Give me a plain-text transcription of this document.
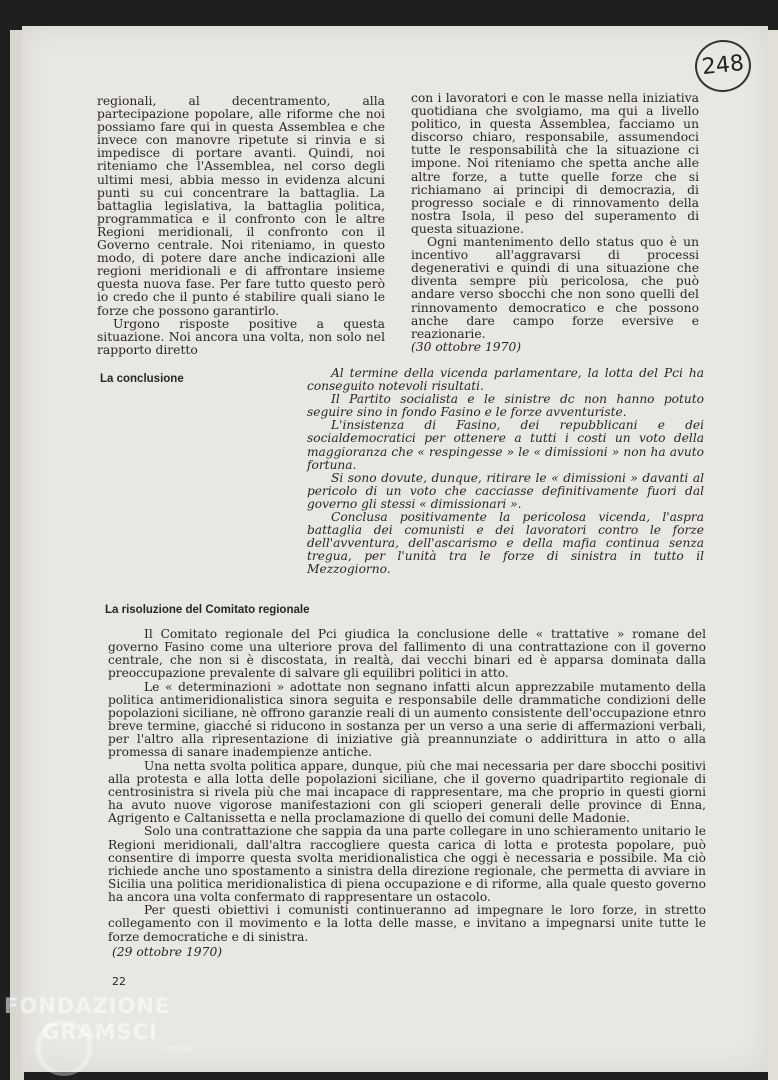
248

regionali, al decentramento, alla partecipazione popolare, alle riforme che noi possiamo fare qui in questa Assemblea e che invece con manovre ripetute si rinvia e si impedisce di portare avanti. Quindi, noi riteniamo che l'Assemblea, nel corso degli ultimi mesi, abbia messo in evidenza alcuni punti su cui concentrare la battaglia. La battaglia legislativa, la battaglia politica, programmatica e il confronto con le altre Regioni meridionali, il confronto con il Governo centrale. Noi riteniamo, in questo modo, di potere dare anche indicazioni alle regioni meridionali e di affrontare insieme questa nuova fase. Per fare tutto questo però io credo che il punto é stabilire quali siano le forze che possono garantirlo.

Urgono risposte positive a questa situazione. Noi ancora una volta, non solo nel rapporto diretto

con i lavoratori e con le masse nella iniziativa quotidiana che svolgiamo, ma qui a livello politico, in questa Assemblea, facciamo un discorso chiaro, responsabile, assumendoci tutte le responsabilità che la situazione ci impone. Noi riteniamo che spetta anche alle altre forze, a tutte quelle forze che si richiamano ai principi di democrazia, di progresso sociale e di rinnovamento della nostra Isola, il peso del superamento di questa situazione.

Ogni mantenimento dello status quo è un incentivo all'aggravarsi di processi degenerativi e quindi di una situazione che diventa sempre più pericolosa, che può andare verso sbocchi che non sono quelli del rinnovamento democratico e che possono anche dare campo forze eversive e reazionarie.

(30 ottobre 1970)

La conclusione	Al termine della vicenda parlamentare, la lotta del Pci ha conseguito notevoli risultati.

Il Partito socialista e le sinistre dc non hanno potuto seguire sino in fondo Fasino e le forze avventuriste.

L'insistenza di Fasino, dei repubblicani e dei socialdemocratici per ottenere a tutti i costi un voto della maggioranza che « respingesse » le « dimissioni » non ha avuto fortuna.

Si sono dovute, dunque, ritirare le « dimissioni » davanti al pericolo di un voto che cacciasse definitivamente fuori dal governo gli stessi « dimissionari ».

Conclusa positivamente la pericolosa vicenda, l'aspra battaglia dei comunisti e dei lavoratori contro le forze dell'avventura, dell'ascarismo e della mafia continua senza tregua, per l'unità tra le forze di sinistra in tutto il Mezzogiorno.

La risoluzione del Comitato regionale

Il Comitato regionale del Pci giudica la conclusione delle « trattative » romane del governo Fasino come una ulteriore prova del fallimento di una contrattazione con il governo centrale, che non si è discostata, in realtà, dai vecchi binari ed è apparsa dominata dalla preoccupazione prevalente di salvare gli equilibri politici in atto.

Le « determinazioni » adottate non segnano infatti alcun apprezzabile mutamento della politica antimeridionalistica sinora seguita e responsabile delle drammatiche condizioni delle popolazioni siciliane, nè offrono garanzie reali di un aumento consistente dell'occupazione etnro breve termine, giacché si riducono in sostanza per un verso a una serie di affermazioni verbali, per l'altro alla ripresentazione di iniziative già preannunziate o addirittura in atto o alla promessa di sanare inadempienze antiche.

Una netta svolta politica appare, dunque, più che mai necessaria per dare sbocchi positivi alla protesta e alla lotta delle popolazioni siciliane, che il governo quadripartito regionale di centrosinistra si rivela più che mai incapace di rappresentare, ma che proprio in questi giorni ha avuto nuove vigorose manifestazioni con gli scioperi generali delle province di Enna, Agrigento e Caltanissetta e nella proclamazione di quello dei comuni delle Madonie.

Solo una contrattazione che sappia da una parte collegare in uno schieramento unitario le Regioni meridionali, dall'altra raccogliere questa carica di lotta e protesta popolare, può consentire di imporre questa svolta meridionalistica che oggi è necessaria e possibile. Ma ciò richiede anche uno spostamento a sinistra della direzione regionale, che permetta di avviare in Sicilia una politica meridionalistica di piena occupazione e di riforme, alla quale questo governo ha ancora una volta confermato di rappresentare un ostacolo.

Per questi obiettivi i comunisti continueranno ad impegnare le loro forze, in stretto collegamento con il movimento e la lotta delle masse, e invitano a impegnarsi unite tutte le forze democratiche e di sinistra.

(29 ottobre 1970)
22
FONDAZIONE
GRAMSCI
onlus
